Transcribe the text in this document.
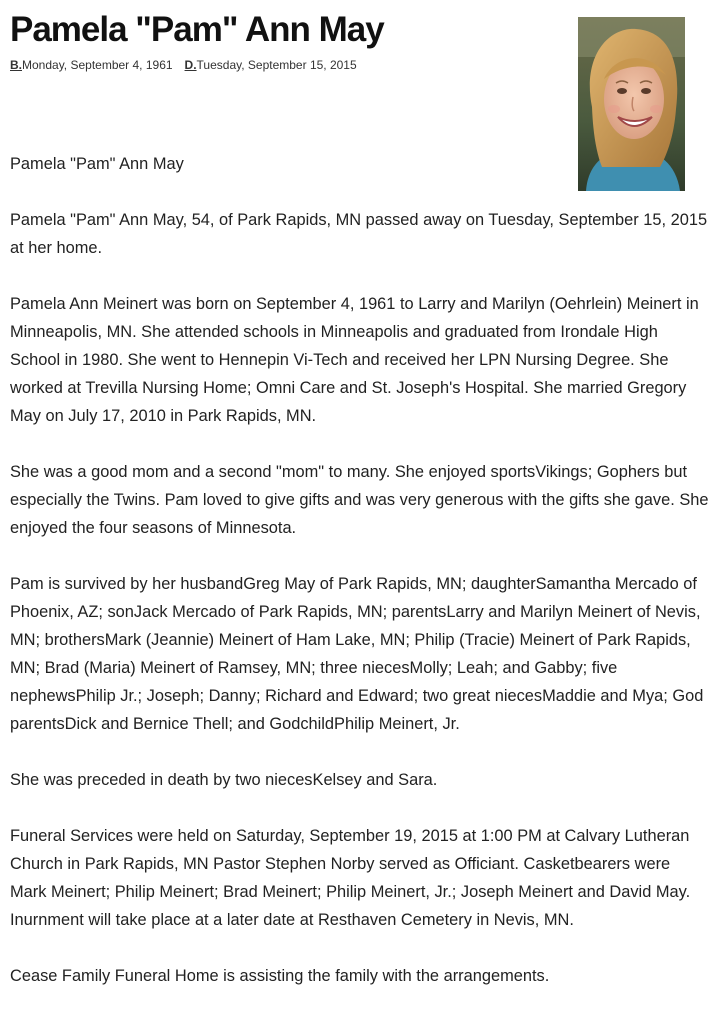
Pamela "Pam" Ann May
B.Monday, September 4, 1961 D.Tuesday, September 15, 2015

Pamela "Pam" Ann May

Pamela "Pam" Ann May, 54, of Park Rapids, MN passed away on Tuesday, September 15, 2015 at her home.

Pamela Ann Meinert was born on September 4, 1961 to Larry and Marilyn (Oehrlein) Meinert in Minneapolis, MN. She attended schools in Minneapolis and graduated from Irondale High School in 1980. She went to Hennepin Vi-Tech and received her LPN Nursing Degree. She worked at Trevilla Nursing Home; Omni Care and St. Joseph's Hospital. She married Gregory May on July 17, 2010 in Park Rapids, MN.

She was a good mom and a second "mom" to many. She enjoyed sportsVikings; Gophers but especially the Twins. Pam loved to give gifts and was very generous with the gifts she gave. She enjoyed the four seasons of Minnesota.

Pam is survived by her husbandGreg May of Park Rapids, MN; daughterSamantha Mercado of Phoenix, AZ; sonJack Mercado of Park Rapids, MN; parentsLarry and Marilyn Meinert of Nevis, MN; brothersMark (Jeannie) Meinert of Ham Lake, MN; Philip (Tracie) Meinert of Park Rapids, MN; Brad (Maria) Meinert of Ramsey, MN; three niecesMolly; Leah; and Gabby; five nephewsPhilip Jr.; Joseph; Danny; Richard and Edward; two great niecesMaddie and Mya; God parentsDick and Bernice Thell; and GodchildPhilip Meinert, Jr.

She was preceded in death by two niecesKelsey and Sara.

Funeral Services were held on Saturday, September 19, 2015 at 1:00 PM at Calvary Lutheran Church in Park Rapids, MN Pastor Stephen Norby served as Officiant. Casketbearers were Mark Meinert; Philip Meinert; Brad Meinert; Philip Meinert, Jr.; Joseph Meinert and David May. Inurnment will take place at a later date at Resthaven Cemetery in Nevis, MN.

Cease Family Funeral Home is assisting the family with the arrangements.
